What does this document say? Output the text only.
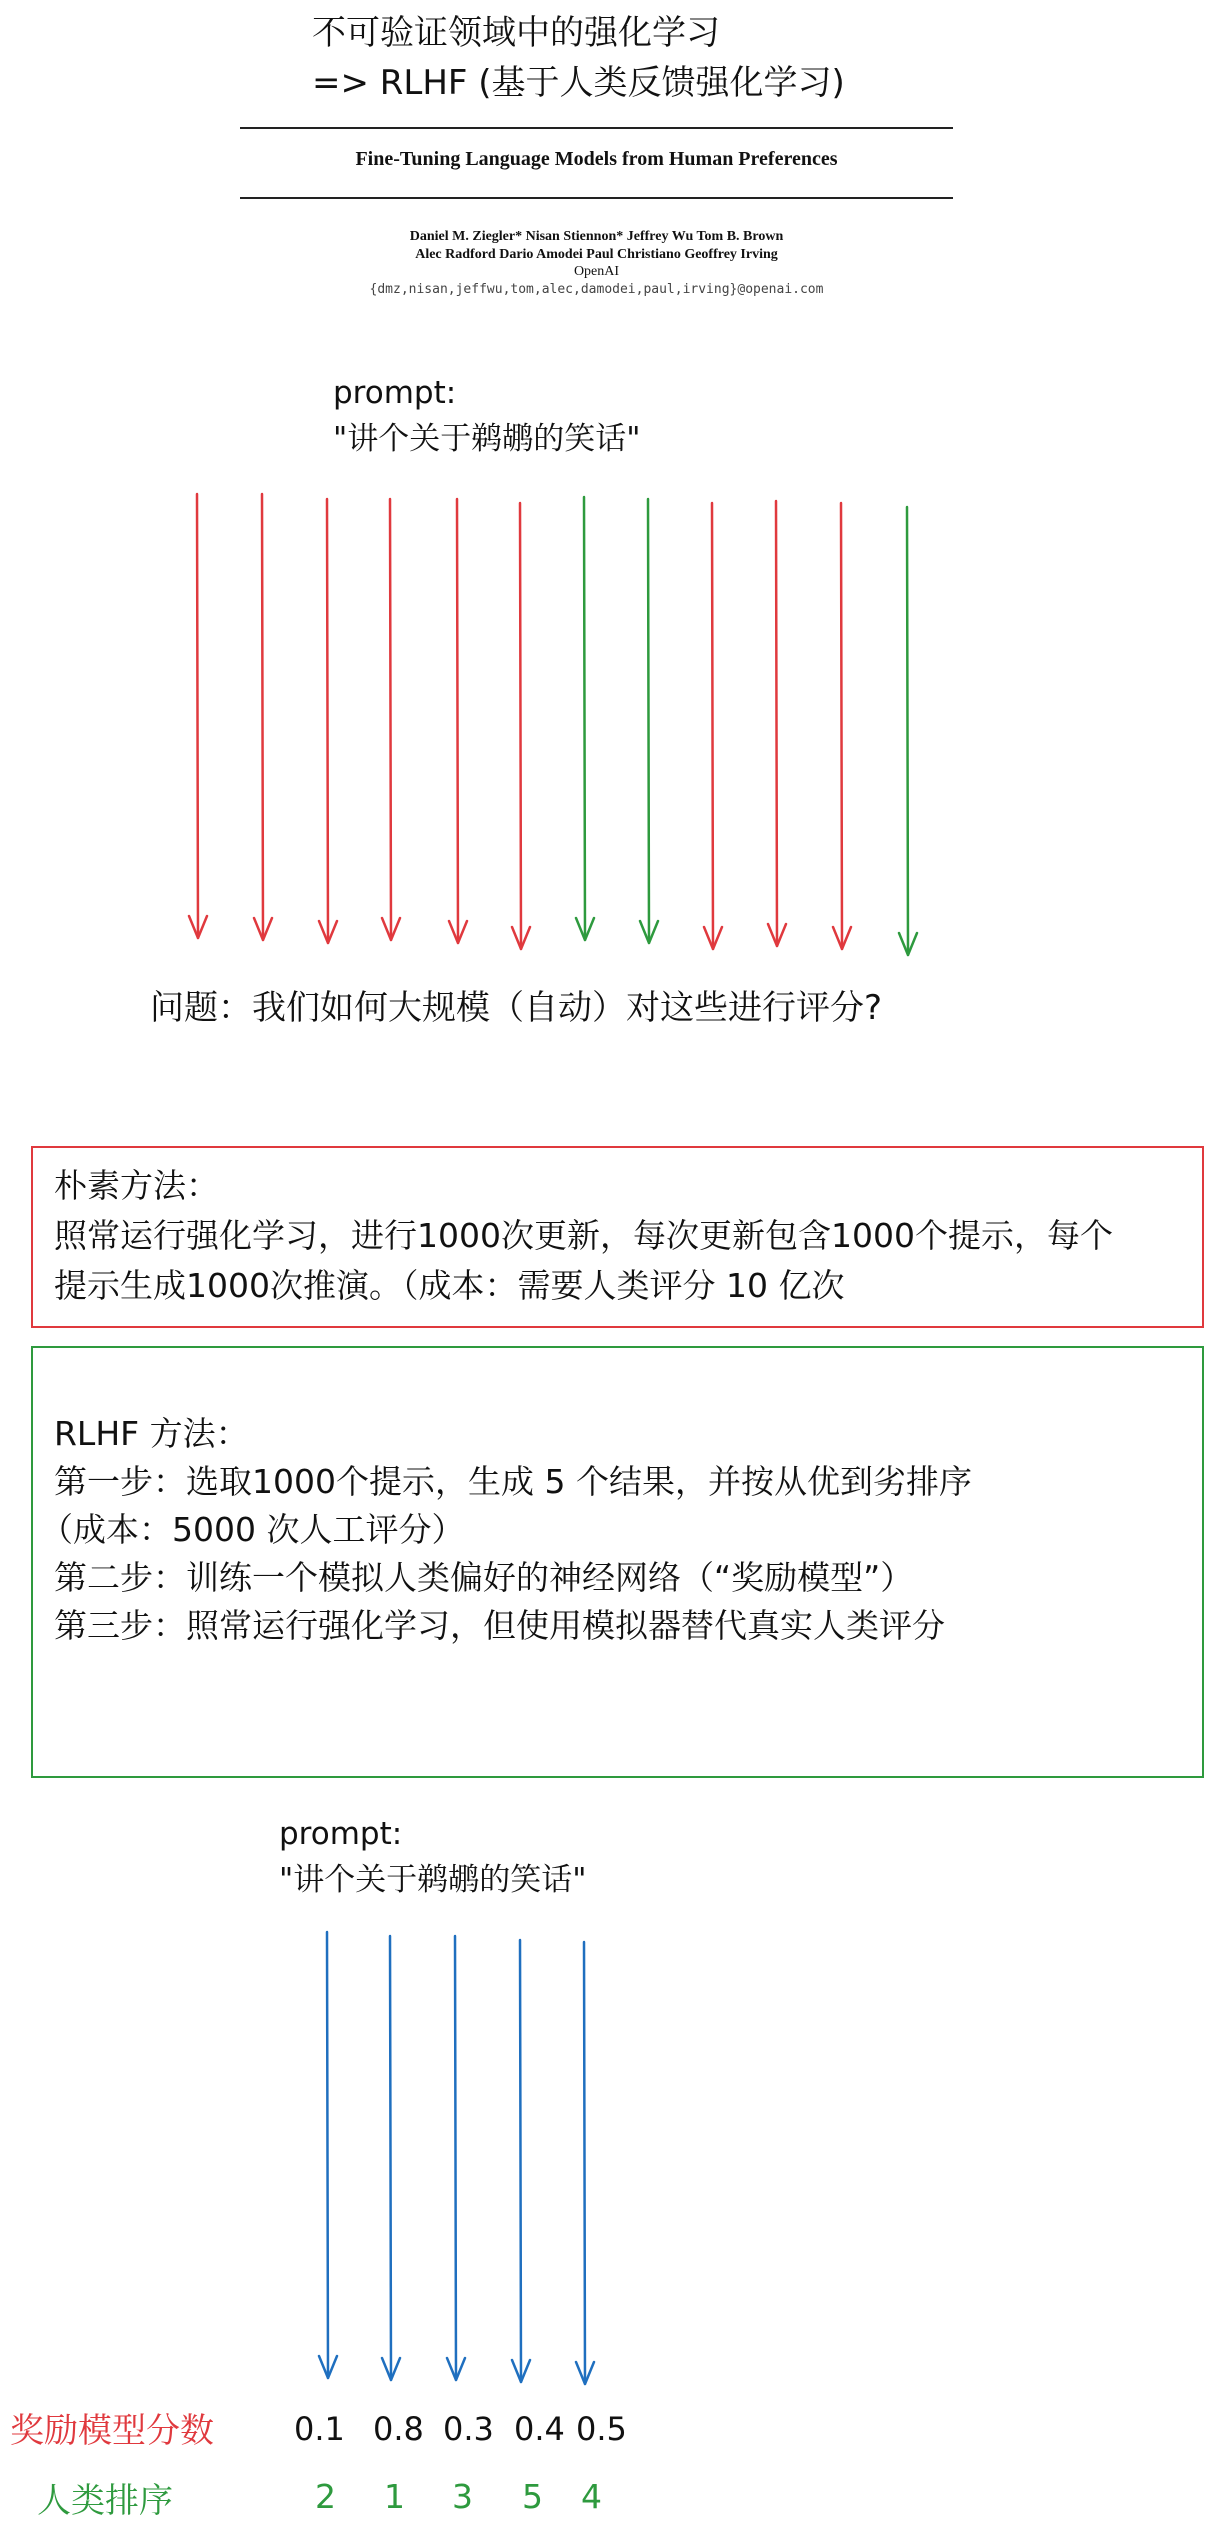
不可验证领域中的强化学习
=> RLHF (基于人类反馈强化学习)
Fine-Tuning Language Models from Human Preferences
Daniel M. Ziegler* Nisan Stiennon* Jeffrey Wu Tom B. Brown
Alec Radford Dario Amodei Paul Christiano Geoffrey Irving
OpenAI
{dmz,nisan,jeffwu,tom,alec,damodei,paul,irving}@openai.com
prompt:
"讲个关于鹈鹕的笑话"
问题：我们如何大规模（自动）对这些进行评分?
朴素方法：
照常运行强化学习，进行1000次更新，每次更新包含1000个提示，每个
提示生成1000次推演。（成本：需要人类评分 10 亿次
RLHF 方法：
第一步：选取1000个提示，生成 5 个结果，并按从优到劣排序
（成本：5000 次人工评分）
第二步：训练一个模拟人类偏好的神经网络（“奖励模型”）
第三步：照常运行强化学习，但使用模拟器替代真实人类评分
prompt:
"讲个关于鹈鹕的笑话"
奖励模型分数	0.1 0.8 0.3 0.4 0.5
人类排序	2 1 3 5 4
